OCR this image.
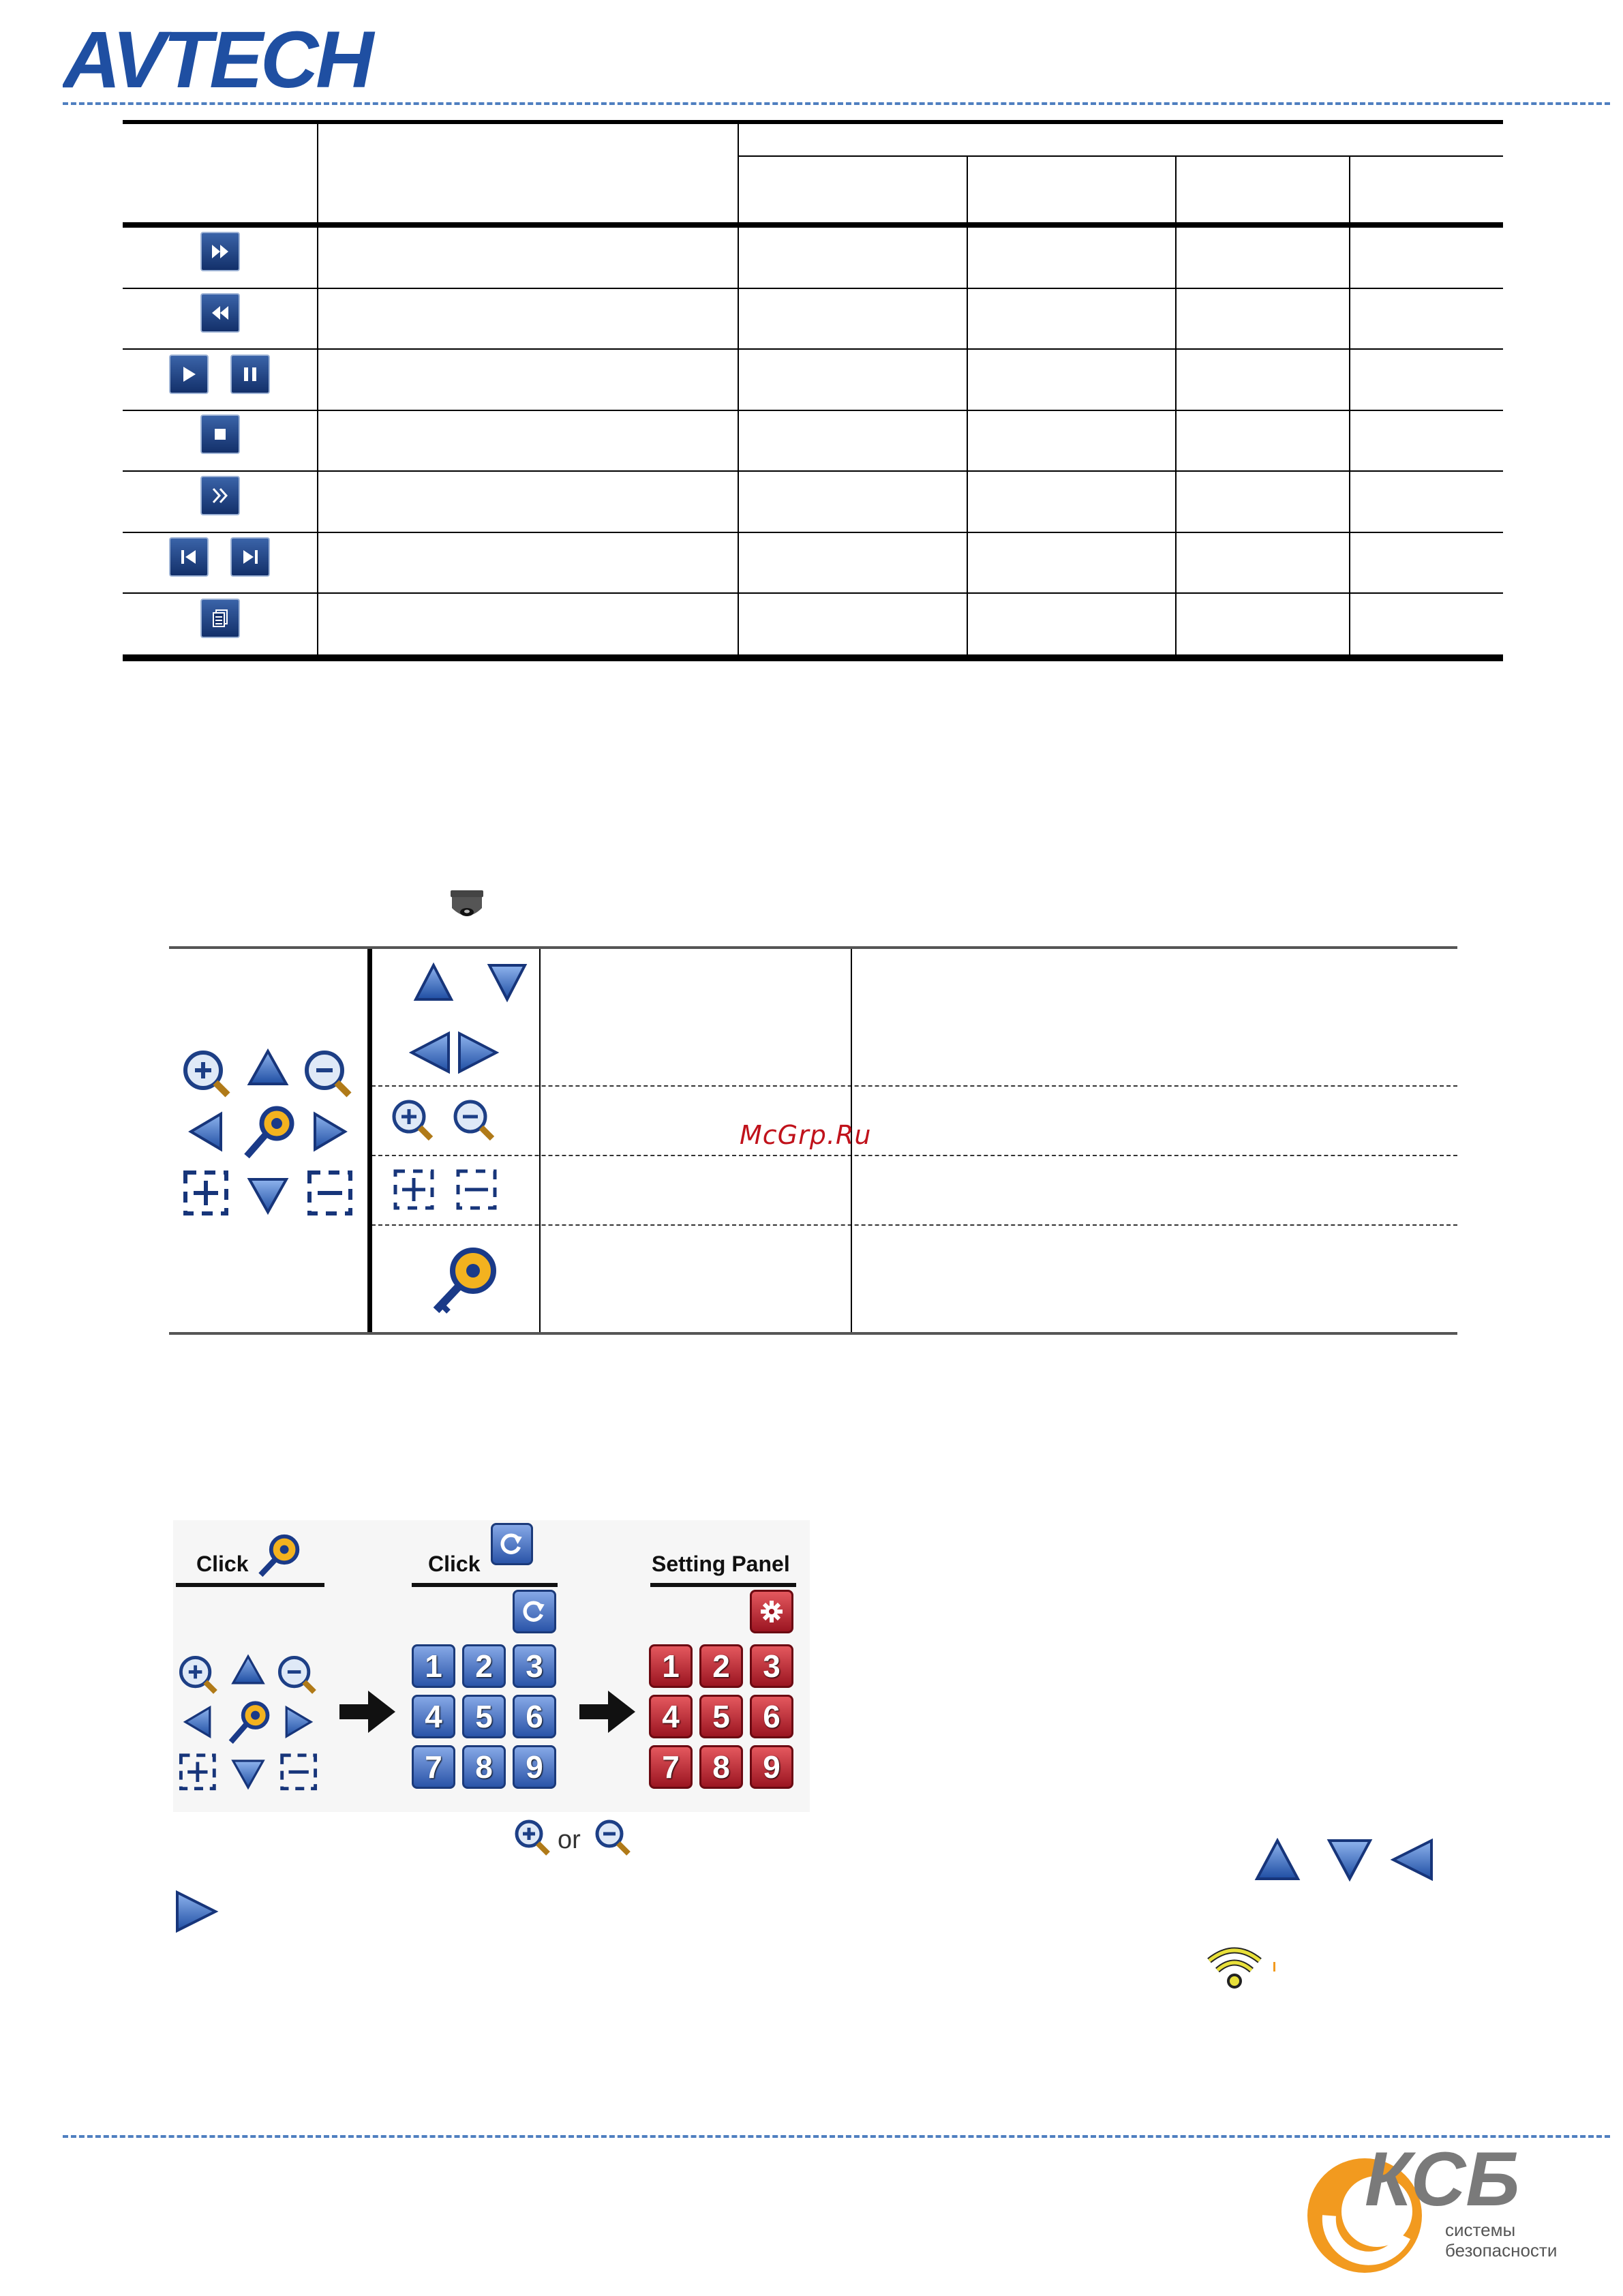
AVTECH
McGrp.Ru
Click	Click	Setting Panel
1	2	3
4	5	6
7	8	9
1	2	3
4	5	6
7	8	9
or
КСБ
системы
безопасности
